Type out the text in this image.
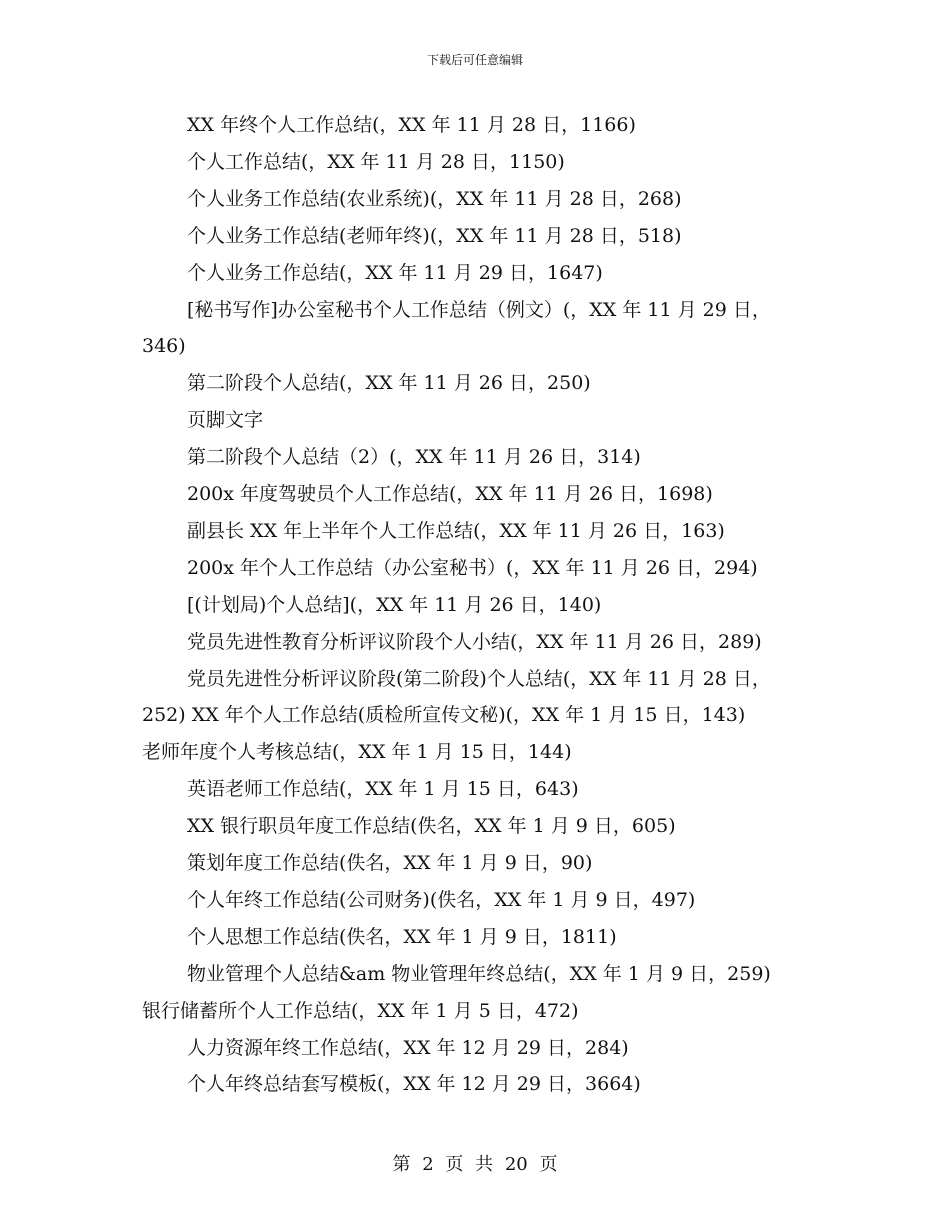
下载后可任意编辑
XX 年终个人工作总结(，XX 年 11 月 28 日，1166)
个人工作总结(，XX 年 11 月 28 日，1150)
个人业务工作总结(农业系统)(，XX 年 11 月 28 日，268)
个人业务工作总结(老师年终)(，XX 年 11 月 28 日，518)
个人业务工作总结(，XX 年 11 月 29 日，1647)
[秘书写作]办公室秘书个人工作总结（例文）(，XX 年 11 月 29 日，
346)
第二阶段个人总结(，XX 年 11 月 26 日，250)
页脚文字
第二阶段个人总结（2）(，XX 年 11 月 26 日，314)
200x 年度驾驶员个人工作总结(，XX 年 11 月 26 日，1698)
副县长 XX 年上半年个人工作总结(，XX 年 11 月 26 日，163)
200x 年个人工作总结（办公室秘书）(，XX 年 11 月 26 日，294)
[(计划局)个人总结](，XX 年 11 月 26 日，140)
党员先进性教育分析评议阶段个人小结(，XX 年 11 月 26 日，289)
党员先进性分析评议阶段(第二阶段)个人总结(，XX 年 11 月 28 日，
252) XX 年个人工作总结(质检所宣传文秘)(，XX 年 1 月 15 日，143)
老师年度个人考核总结(，XX 年 1 月 15 日，144)
英语老师工作总结(，XX 年 1 月 15 日，643)
XX 银行职员年度工作总结(佚名，XX 年 1 月 9 日，605)
策划年度工作总结(佚名，XX 年 1 月 9 日，90)
个人年终工作总结(公司财务)(佚名，XX 年 1 月 9 日，497)
个人思想工作总结(佚名，XX 年 1 月 9 日，1811)
物业管理个人总结&am 物业管理年终总结(，XX 年 1 月 9 日，259)
银行储蓄所个人工作总结(，XX 年 1 月 5 日，472)
人力资源年终工作总结(，XX 年 12 月 29 日，284)
个人年终总结套写模板(，XX 年 12 月 29 日，3664)
第 2 页 共 20 页
